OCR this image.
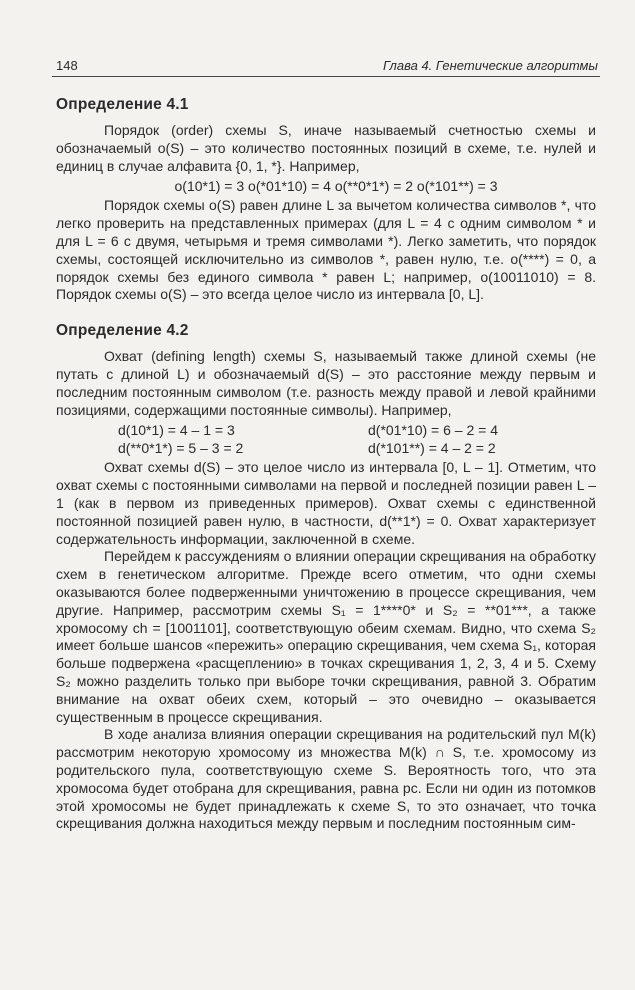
148	Глава 4. Генетические алгоритмы
Определение 4.1

Порядок (order) схемы S, иначе называемый счетностью схемы и обозначаемый o(S) – это количество постоянных позиций в схеме, т.е. нулей и единиц в случае алфавита {0, 1, *}. Например,

o(10*1) = 3 o(*01*10) = 4 o(**0*1*) = 2 o(*101**) = 3

Порядок схемы o(S) равен длине L за вычетом количества символов *, что легко проверить на представленных примерах (для L = 4 с одним символом * и для L = 6 с двумя, четырьмя и тремя символами *). Легко заметить, что порядок схемы, состоящей исключительно из символов *, равен нулю, т.е. o(****) = 0, а порядок схемы без единого символа * равен L; например, o(10011010) = 8. Порядок схемы o(S) – это всегда целое число из интервала [0, L].

Определение 4.2

Охват (defining length) схемы S, называемый также длиной схемы (не путать с длиной L) и обозначаемый d(S) – это расстояние между первым и последним постоянным символом (т.е. разность между правой и левой крайними позициями, содержащими постоянные символы). Например,

d(10*1) = 4 – 1 = 3	d(*01*10) = 6 – 2 = 4
d(**0*1*) = 5 – 3 = 2	d(*101**) = 4 – 2 = 2

Охват схемы d(S) – это целое число из интервала [0, L – 1]. Отметим, что охват схемы с постоянными символами на первой и последней позиции равен L – 1 (как в первом из приведенных примеров). Охват схемы с единственной постоянной позицией равен нулю, в частности, d(**1*) = 0. Охват характеризует содержательность информации, заключенной в схеме.

Перейдем к рассуждениям о влиянии операции скрещивания на обработку схем в генетическом алгоритме. Прежде всего отметим, что одни схемы оказываются более подверженными уничтожению в процессе скрещивания, чем другие. Например, рассмотрим схемы S₁ = 1****0* и S₂ = **01***, а также хромосому ch = [1001101], соответствующую обеим схемам. Видно, что схема S₂ имеет больше шансов «пережить» операцию скрещивания, чем схема S₁, которая больше подвержена «расщеплению» в точках скрещивания 1, 2, 3, 4 и 5. Схему S₂ можно разделить только при выборе точки скрещивания, равной 3. Обратим внимание на охват обеих схем, который – это очевидно – оказывается существенным в процессе скрещивания.

В ходе анализа влияния операции скрещивания на родительский пул M(k) рассмотрим некоторую хромосому из множества M(k) ∩ S, т.е. хромосому из родительского пула, соответствующую схеме S. Вероятность того, что эта хромосома будет отобрана для скрещивания, равна pc. Если ни один из потомков этой хромосомы не будет принадлежать к схеме S, то это означает, что точка скрещивания должна находиться между первым и последним постоянным сим-
